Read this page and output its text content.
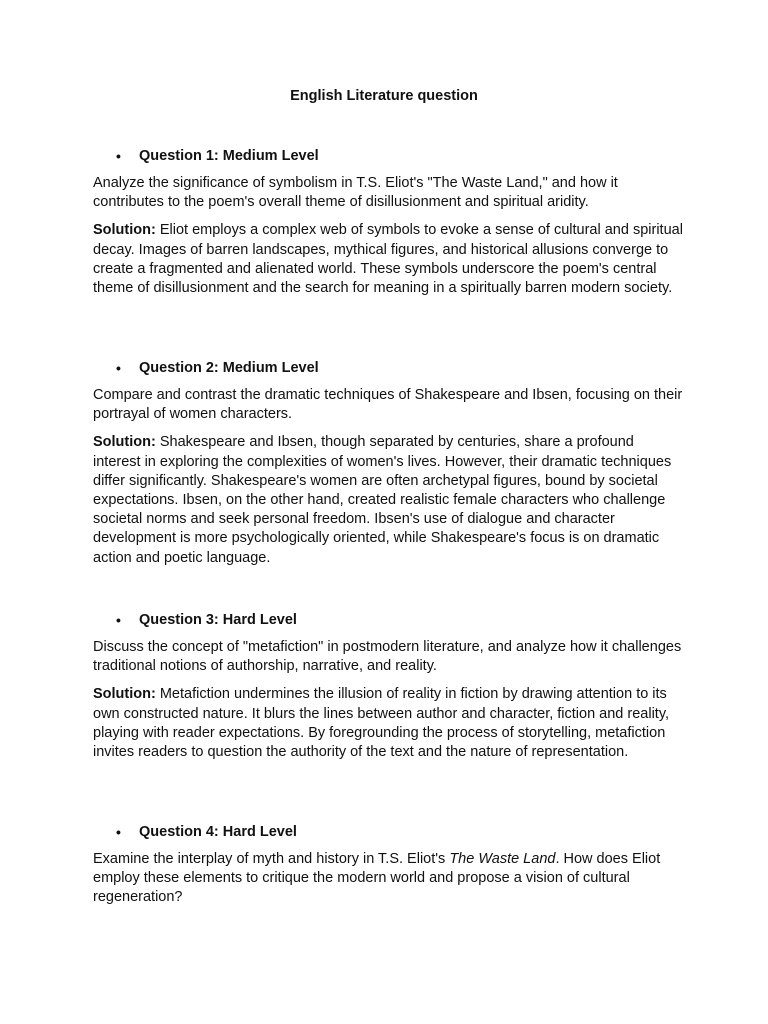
English Literature question
• Question 1: Medium Level

Analyze the significance of symbolism in T.S. Eliot's "The Waste Land," and how it contributes to the poem's overall theme of disillusionment and spiritual aridity.

Solution: Eliot employs a complex web of symbols to evoke a sense of cultural and spiritual decay. Images of barren landscapes, mythical figures, and historical allusions converge to create a fragmented and alienated world. These symbols underscore the poem's central theme of disillusionment and the search for meaning in a spiritually barren modern society.

• Question 2: Medium Level

Compare and contrast the dramatic techniques of Shakespeare and Ibsen, focusing on their portrayal of women characters.

Solution: Shakespeare and Ibsen, though separated by centuries, share a profound interest in exploring the complexities of women's lives. However, their dramatic techniques differ significantly. Shakespeare's women are often archetypal figures, bound by societal expectations. Ibsen, on the other hand, created realistic female characters who challenge societal norms and seek personal freedom. Ibsen's use of dialogue and character development is more psychologically oriented, while Shakespeare's focus is on dramatic action and poetic language.

• Question 3: Hard Level

Discuss the concept of "metafiction" in postmodern literature, and analyze how it challenges traditional notions of authorship, narrative, and reality.

Solution: Metafiction undermines the illusion of reality in fiction by drawing attention to its own constructed nature. It blurs the lines between author and character, fiction and reality, playing with reader expectations. By foregrounding the process of storytelling, metafiction invites readers to question the authority of the text and the nature of representation.

• Question 4: Hard Level

Examine the interplay of myth and history in T.S. Eliot's The Waste Land. How does Eliot employ these elements to critique the modern world and propose a vision of cultural regeneration?
